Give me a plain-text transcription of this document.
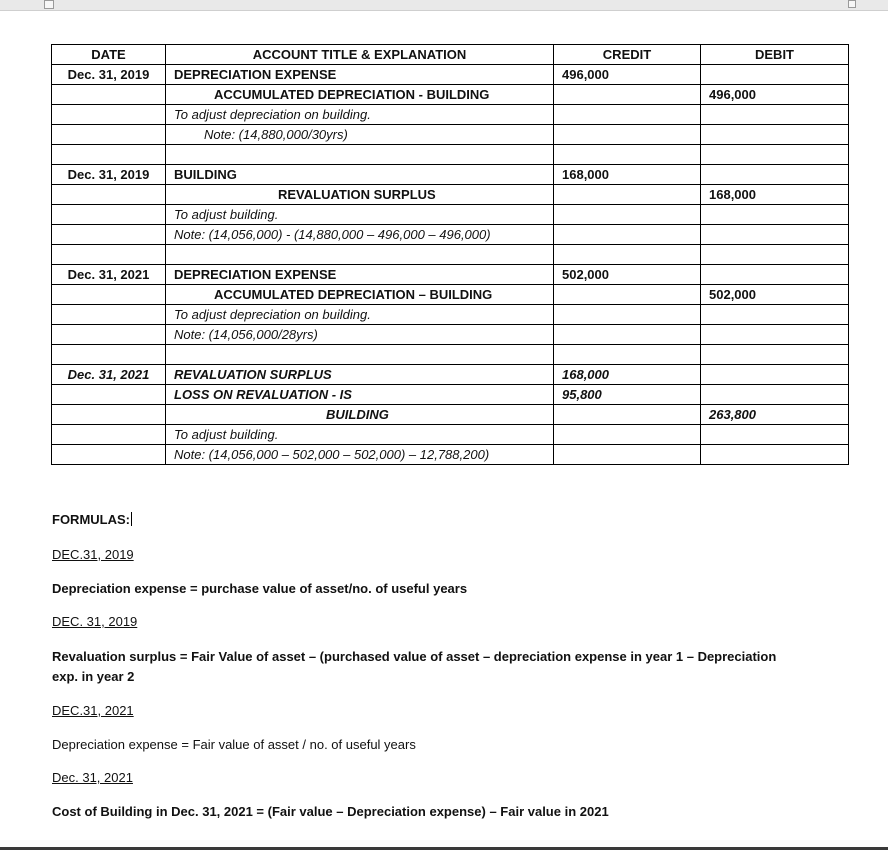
DATE	ACCOUNT TITLE & EXPLANATION	CREDIT	DEBIT
Dec. 31, 2019	DEPRECIATION EXPENSE	496,000	
	ACCUMULATED DEPRECIATION - BUILDING		496,000
	To adjust depreciation on building.		
	Note: (14,880,000/30yrs)		

Dec. 31, 2019	BUILDING	168,000	
	REVALUATION SURPLUS		168,000
	To adjust building.		
	Note: (14,056,000) - (14,880,000 – 496,000 – 496,000)		

Dec. 31, 2021	DEPRECIATION EXPENSE	502,000	
	ACCUMULATED DEPRECIATION – BUILDING		502,000
	To adjust depreciation on building.		
	Note: (14,056,000/28yrs)		

Dec. 31, 2021	REVALUATION SURPLUS	168,000	
	LOSS ON REVALUATION - IS	95,800	
	BUILDING		263,800
	To adjust building.		
	Note: (14,056,000 – 502,000 – 502,000) – 12,788,200)		
FORMULAS:
DEC.31, 2019
Depreciation expense = purchase value of asset/no. of useful years
DEC. 31, 2019
Revaluation surplus = Fair Value of asset – (purchased value of asset – depreciation expense in year 1 – Depreciation
exp. in year 2
DEC.31, 2021
Depreciation expense = Fair value of asset / no. of useful years
Dec. 31, 2021
Cost of Building in Dec. 31, 2021 = (Fair value – Depreciation expense) – Fair value in 2021
